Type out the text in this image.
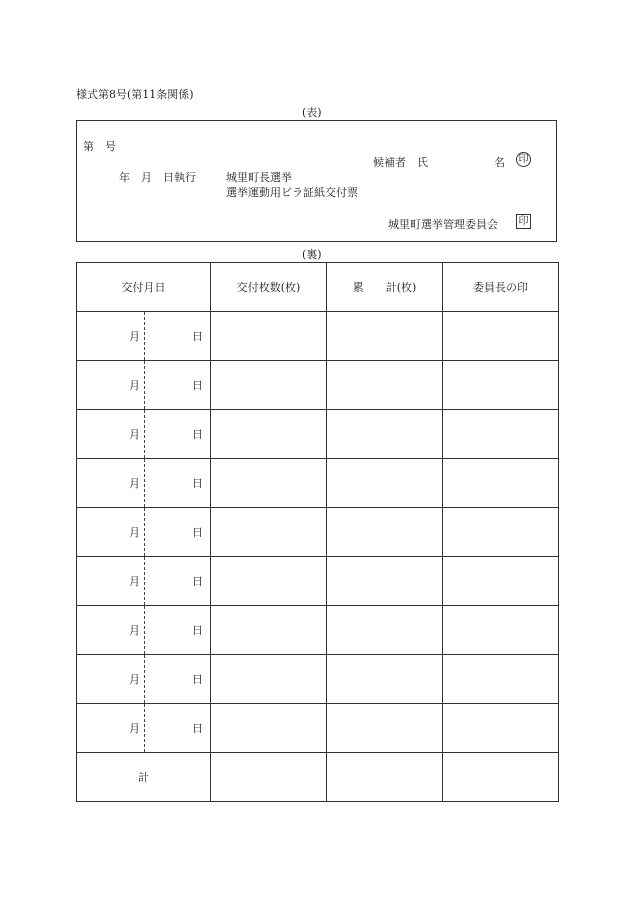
様式第8号(第11条関係)
(表)
第　号
候補者　氏	名 印
年　月　日執行	城里町長選挙
選挙運動用ビラ証紙交付票
城里町選挙管理委員会 印
(裏)
交付月日	交付枚数(枚)	累　　計(枚)	委員長の印

月 日			

月 日			

月 日			

月 日			

月 日			

月 日			

月 日			

月 日			

月 日			

計			
